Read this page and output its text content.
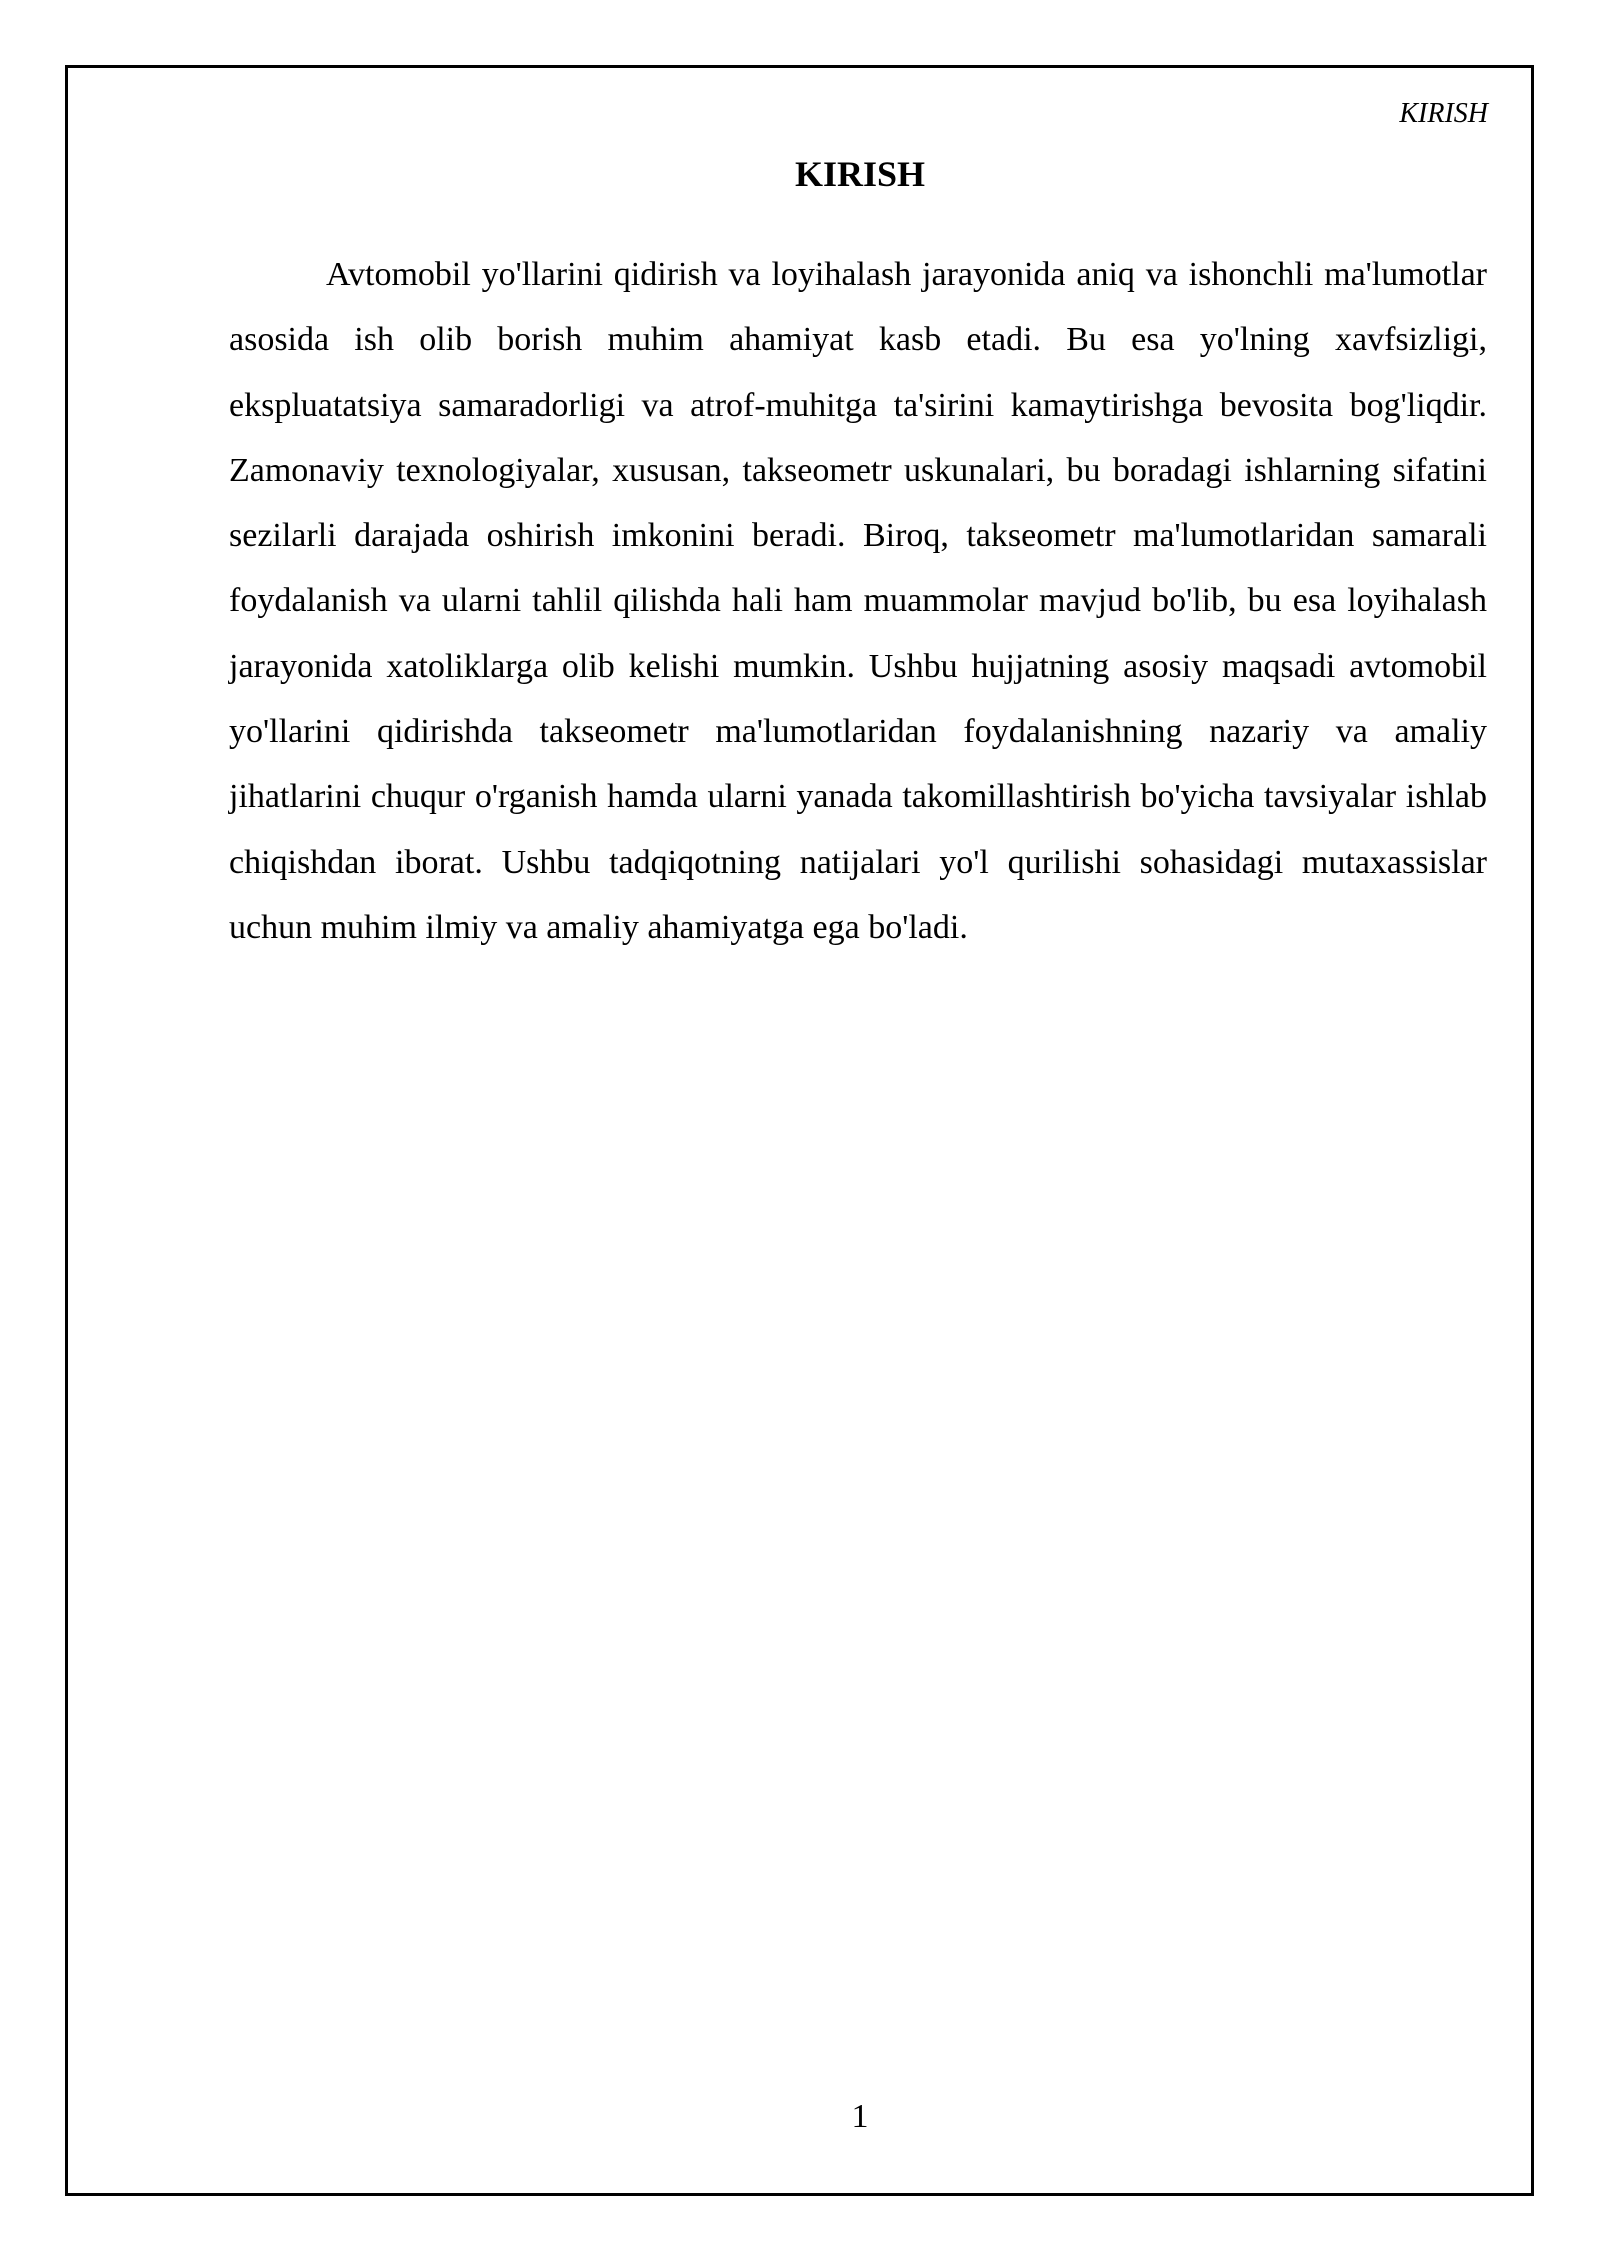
KIRISH
KIRISH

Avtomobil yo'llarini qidirish va loyihalash jarayonida aniq va ishonchli ma'lumotlar asosida ish olib borish muhim ahamiyat kasb etadi. Bu esa yo'lning xavfsizligi, ekspluatatsiya samaradorligi va atrof-muhitga ta'sirini kamaytirishga bevosita bog'liqdir. Zamonaviy texnologiyalar, xususan, takseometr uskunalari, bu boradagi ishlarning sifatini sezilarli darajada oshirish imkonini beradi. Biroq, takseometr ma'lumotlaridan samarali foydalanish va ularni tahlil qilishda hali ham muammolar mavjud bo'lib, bu esa loyihalash jarayonida xatoliklarga olib kelishi mumkin. Ushbu hujjatning asosiy maqsadi avtomobil yo'llarini qidirishda takseometr ma'lumotlaridan foydalanishning nazariy va amaliy jihatlarini chuqur o'rganish hamda ularni yanada takomillashtirish bo'yicha tavsiyalar ishlab chiqishdan iborat. Ushbu tadqiqotning natijalari yo'l qurilishi sohasidagi mutaxassislar uchun muhim ilmiy va amaliy ahamiyatga ega bo'ladi.

1
